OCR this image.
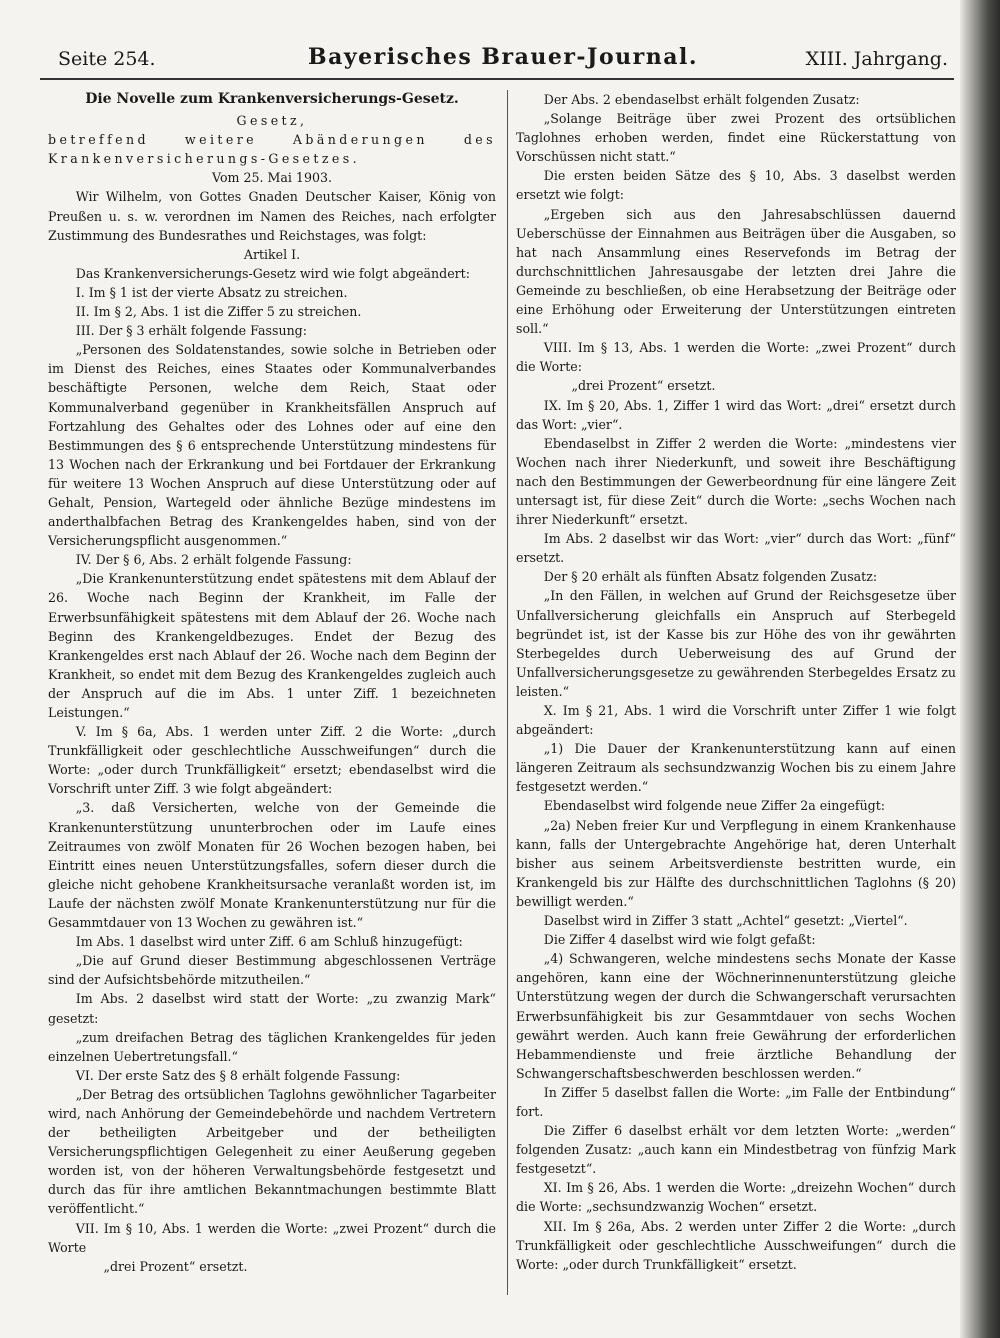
Seite 254.	Bayerisches Brauer-Journal.	XIII. Jahrgang.

Die Novelle zum Krankenversicherungs-Gesetz.

Gesetz,

betreffend weitere Abänderungen des Krankenversicherungs-Gesetzes.

Vom 25. Mai 1903.

Wir Wilhelm, von Gottes Gnaden Deutscher Kaiser, König von Preußen u. s. w. verordnen im Namen des Reiches, nach erfolgter Zustimmung des Bundesrathes und Reichstages, was folgt:

Artikel I.

Das Krankenversicherungs-Gesetz wird wie folgt abgeändert:

I. Im § 1 ist der vierte Absatz zu streichen.

II. Im § 2, Abs. 1 ist die Ziffer 5 zu streichen.

III. Der § 3 erhält folgende Fassung:

„Personen des Soldatenstandes, sowie solche in Betrieben oder im Dienst des Reiches, eines Staates oder Kommunalverbandes beschäftigte Personen, welche dem Reich, Staat oder Kommunalverband gegenüber in Krankheitsfällen Anspruch auf Fortzahlung des Gehaltes oder des Lohnes oder auf eine den Bestimmungen des § 6 entsprechende Unterstützung mindestens für 13 Wochen nach der Erkrankung und bei Fortdauer der Erkrankung für weitere 13 Wochen Anspruch auf diese Unterstützung oder auf Gehalt, Pension, Wartegeld oder ähnliche Bezüge mindestens im anderthalbfachen Betrag des Krankengeldes haben, sind von der Versicherungspflicht ausgenommen.“

IV. Der § 6, Abs. 2 erhält folgende Fassung:

„Die Krankenunterstützung endet spätestens mit dem Ablauf der 26. Woche nach Beginn der Krankheit, im Falle der Erwerbsunfähigkeit spätestens mit dem Ablauf der 26. Woche nach Beginn des Krankengeldbezuges. Endet der Bezug des Krankengeldes erst nach Ablauf der 26. Woche nach dem Beginn der Krankheit, so endet mit dem Bezug des Krankengeldes zugleich auch der Anspruch auf die im Abs. 1 unter Ziff. 1 bezeichneten Leistungen.“

V. Im § 6a, Abs. 1 werden unter Ziff. 2 die Worte: „durch Trunkfälligkeit oder geschlechtliche Ausschweifungen“ durch die Worte: „oder durch Trunkfälligkeit“ ersetzt; ebendaselbst wird die Vorschrift unter Ziff. 3 wie folgt abgeändert:

„3. daß Versicherten, welche von der Gemeinde die Krankenunterstützung ununterbrochen oder im Laufe eines Zeitraumes von zwölf Monaten für 26 Wochen bezogen haben, bei Eintritt eines neuen Unterstützungsfalles, sofern dieser durch die gleiche nicht gehobene Krankheitsursache veranlaßt worden ist, im Laufe der nächsten zwölf Monate Krankenunterstützung nur für die Gesammtdauer von 13 Wochen zu gewähren ist.“

Im Abs. 1 daselbst wird unter Ziff. 6 am Schluß hinzugefügt:

„Die auf Grund dieser Bestimmung abgeschlossenen Verträge sind der Aufsichtsbehörde mitzutheilen.“

Im Abs. 2 daselbst wird statt der Worte: „zu zwanzig Mark“ gesetzt:

„zum dreifachen Betrag des täglichen Krankengeldes für jeden einzelnen Uebertretungsfall.“

VI. Der erste Satz des § 8 erhält folgende Fassung:

„Der Betrag des ortsüblichen Taglohns gewöhnlicher Tagarbeiter wird, nach Anhörung der Gemeindebehörde und nachdem Vertretern der betheiligten Arbeitgeber und der betheiligten Versicherungspflichtigen Gelegenheit zu einer Aeußerung gegeben worden ist, von der höheren Verwaltungsbehörde festgesetzt und durch das für ihre amtlichen Bekanntmachungen bestimmte Blatt veröffentlicht.“

VII. Im § 10, Abs. 1 werden die Worte: „zwei Prozent“ durch die Worte

„drei Prozent“ ersetzt.

Der Abs. 2 ebendaselbst erhält folgenden Zusatz:

„Solange Beiträge über zwei Prozent des ortsüblichen Taglohnes erhoben werden, findet eine Rückerstattung von Vorschüssen nicht statt.“

Die ersten beiden Sätze des § 10, Abs. 3 daselbst werden ersetzt wie folgt:

„Ergeben sich aus den Jahresabschlüssen dauernd Ueberschüsse der Einnahmen aus Beiträgen über die Ausgaben, so hat nach Ansammlung eines Reservefonds im Betrag der durchschnittlichen Jahresausgabe der letzten drei Jahre die Gemeinde zu beschließen, ob eine Herabsetzung der Beiträge oder eine Erhöhung oder Erweiterung der Unterstützungen eintreten soll.“

VIII. Im § 13, Abs. 1 werden die Worte: „zwei Prozent“ durch die Worte:

„drei Prozent“ ersetzt.

IX. Im § 20, Abs. 1, Ziffer 1 wird das Wort: „drei“ ersetzt durch das Wort: „vier“.

Ebendaselbst in Ziffer 2 werden die Worte: „mindestens vier Wochen nach ihrer Niederkunft, und soweit ihre Beschäftigung nach den Bestimmungen der Gewerbeordnung für eine längere Zeit untersagt ist, für diese Zeit“ durch die Worte: „sechs Wochen nach ihrer Niederkunft“ ersetzt.

Im Abs. 2 daselbst wir das Wort: „vier“ durch das Wort: „fünf“ ersetzt.

Der § 20 erhält als fünften Absatz folgenden Zusatz:

„In den Fällen, in welchen auf Grund der Reichsgesetze über Unfallversicherung gleichfalls ein Anspruch auf Sterbegeld begründet ist, ist der Kasse bis zur Höhe des von ihr gewährten Sterbegeldes durch Ueberweisung des auf Grund der Unfallversicherungsgesetze zu gewährenden Sterbegeldes Ersatz zu leisten.“

X. Im § 21, Abs. 1 wird die Vorschrift unter Ziffer 1 wie folgt abgeändert:

„1) Die Dauer der Krankenunterstützung kann auf einen längeren Zeitraum als sechsundzwanzig Wochen bis zu einem Jahre festgesetzt werden.“

Ebendaselbst wird folgende neue Ziffer 2a eingefügt:

„2a) Neben freier Kur und Verpflegung in einem Krankenhause kann, falls der Untergebrachte Angehörige hat, deren Unterhalt bisher aus seinem Arbeitsverdienste bestritten wurde, ein Krankengeld bis zur Hälfte des durchschnittlichen Taglohns (§ 20) bewilligt werden.“

Daselbst wird in Ziffer 3 statt „Achtel“ gesetzt: „Viertel“.

Die Ziffer 4 daselbst wird wie folgt gefaßt:

„4) Schwangeren, welche mindestens sechs Monate der Kasse angehören, kann eine der Wöchnerinnenunterstützung gleiche Unterstützung wegen der durch die Schwangerschaft verursachten Erwerbsunfähigkeit bis zur Gesammtdauer von sechs Wochen gewährt werden. Auch kann freie Gewährung der erforderlichen Hebammendienste und freie ärztliche Behandlung der Schwangerschaftsbeschwerden beschlossen werden.“

In Ziffer 5 daselbst fallen die Worte: „im Falle der Entbindung“ fort.

Die Ziffer 6 daselbst erhält vor dem letzten Worte: „werden“ folgenden Zusatz: „auch kann ein Mindestbetrag von fünfzig Mark festgesetzt“.

XI. Im § 26, Abs. 1 werden die Worte: „dreizehn Wochen“ durch die Worte: „sechsundzwanzig Wochen“ ersetzt.

XII. Im § 26a, Abs. 2 werden unter Ziffer 2 die Worte: „durch Trunkfälligkeit oder geschlechtliche Ausschweifungen“ durch die Worte: „oder durch Trunkfälligkeit“ ersetzt.
